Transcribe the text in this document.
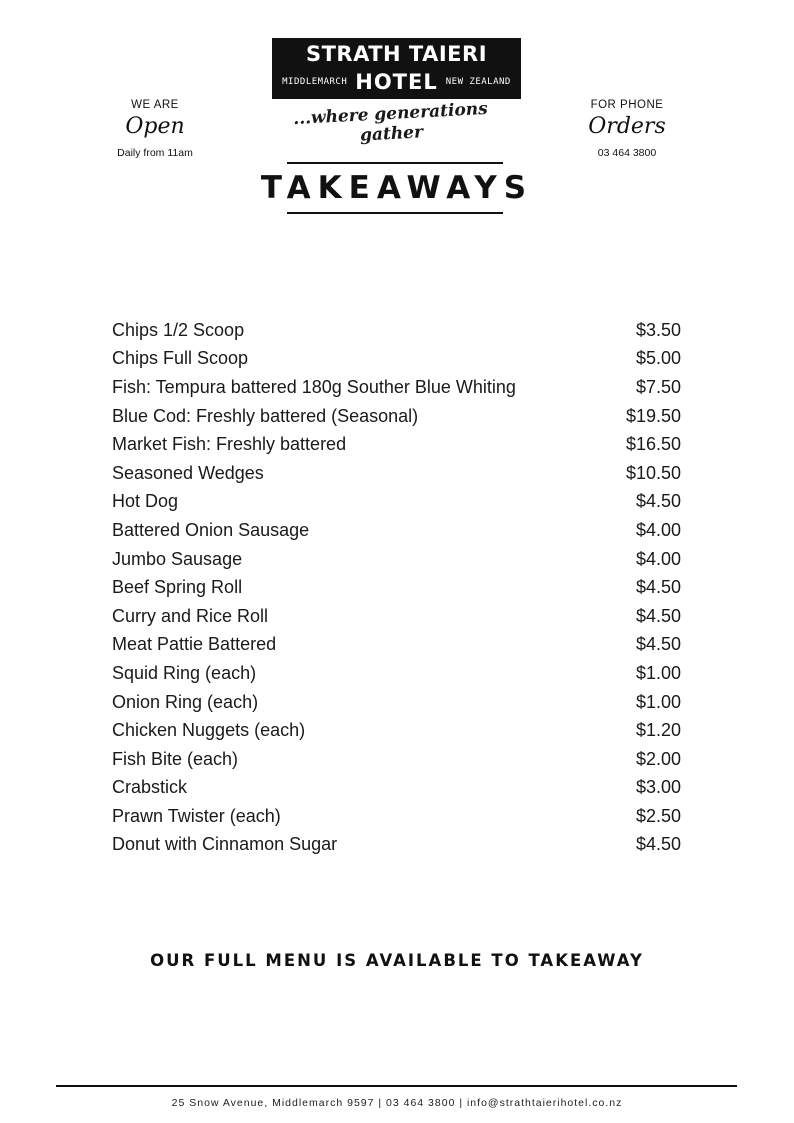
STRATH TAIERI
MIDDLEMARCH HOTEL NEW ZEALAND
...where generations gather
WE ARE
Open
Daily from 11am
FOR PHONE
Orders
03 464 3800
TAKEAWAYS
Chips 1/2 Scoop	$3.50
Chips Full Scoop	$5.00
Fish: Tempura battered 180g Souther Blue Whiting	$7.50
Blue Cod: Freshly battered (Seasonal)	$19.50
Market Fish: Freshly battered	$16.50
Seasoned Wedges	$10.50
Hot Dog	$4.50
Battered Onion Sausage	$4.00
Jumbo Sausage	$4.00
Beef Spring Roll	$4.50
Curry and Rice Roll	$4.50
Meat Pattie Battered	$4.50
Squid Ring (each)	$1.00
Onion Ring (each)	$1.00
Chicken Nuggets (each)	$1.20
Fish Bite (each)	$2.00
Crabstick	$3.00
Prawn Twister (each)	$2.50
Donut with Cinnamon Sugar	$4.50
OUR FULL MENU IS AVAILABLE TO TAKEAWAY
25 Snow Avenue, Middlemarch 9597 | 03 464 3800 | info@strathtaierihotel.co.nz
